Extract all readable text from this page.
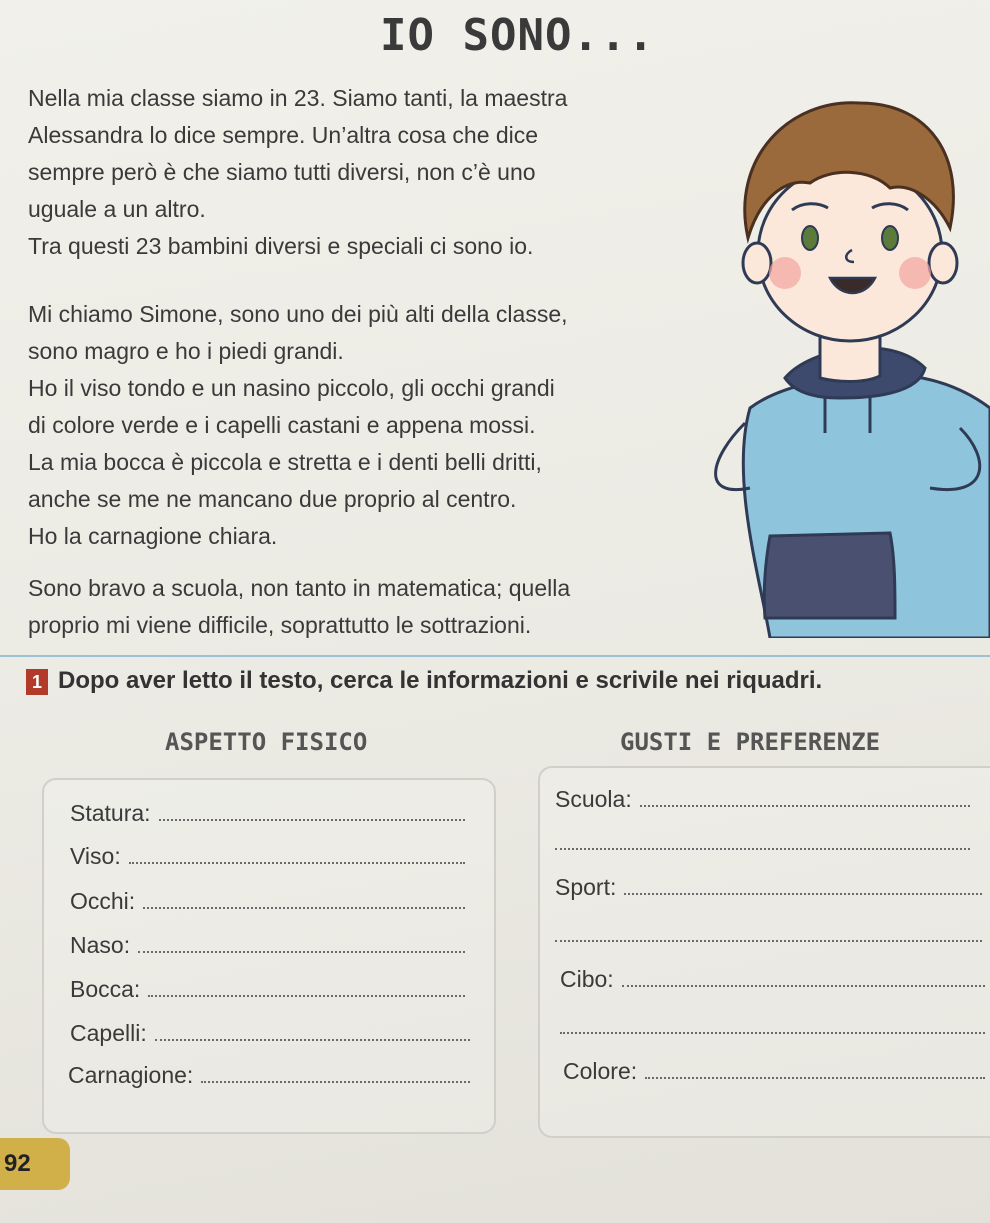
IO SONO...
Nella mia classe siamo in 23. Siamo tanti, la maestra
Alessandra lo dice sempre. Un’altra cosa che dice
sempre però è che siamo tutti diversi, non c’è uno
uguale a un altro.
Tra questi 23 bambini diversi e speciali ci sono io.
Mi chiamo Simone, sono uno dei più alti della classe,
sono magro e ho i piedi grandi.
Ho il viso tondo e un nasino piccolo, gli occhi grandi
di colore verde e i capelli castani e appena mossi.
La mia bocca è piccola e stretta e i denti belli dritti,
anche se me ne mancano due proprio al centro.
Ho la carnagione chiara.
Sono bravo a scuola, non tanto in matematica; quella
proprio mi viene difficile, soprattutto le sottrazioni.
1 Dopo aver letto il testo, cerca le informazioni e scrivile nei riquadri.
ASPETTO FISICO	GUSTI E PREFERENZE
Statura:
Viso:
Occhi:
Naso:
Bocca:
Capelli:
Carnagione:
Scuola:
Sport:
Cibo:
Colore:
92
